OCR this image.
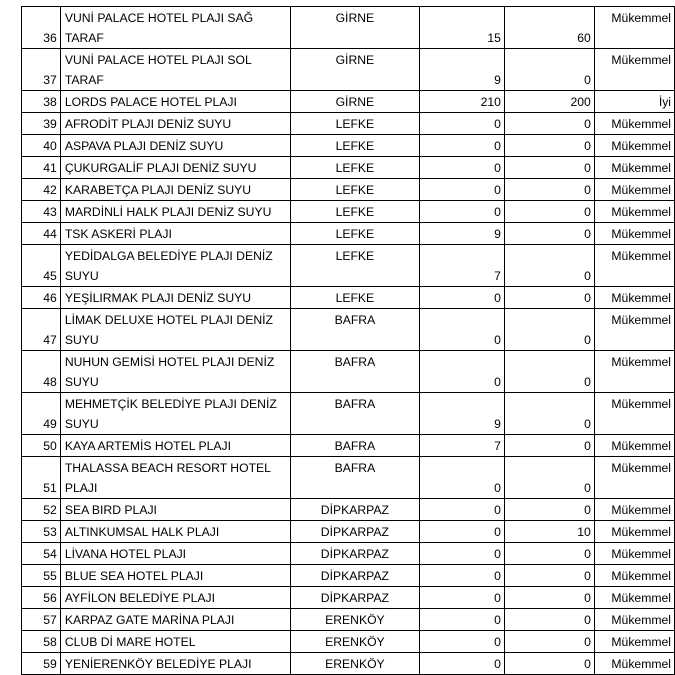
36	VUNİ PALACE HOTEL PLAJI SAĞ TARAF	GİRNE	15	60	Mükemmel
37	VUNİ PALACE HOTEL PLAJI SOL TARAF	GİRNE	9	0	Mükemmel
38	LORDS PALACE HOTEL PLAJI	GİRNE	210	200	İyi
39	AFRODİT PLAJI DENİZ SUYU	LEFKE	0	0	Mükemmel
40	ASPAVA PLAJI DENİZ SUYU	LEFKE	0	0	Mükemmel
41	ÇUKURGALİF PLAJI DENİZ SUYU	LEFKE	0	0	Mükemmel
42	KARABETÇA PLAJI DENİZ SUYU	LEFKE	0	0	Mükemmel
43	MARDİNLİ HALK PLAJI DENİZ SUYU	LEFKE	0	0	Mükemmel
44	TSK ASKERİ PLAJI	LEFKE	9	0	Mükemmel
45	YEDİDALGA BELEDİYE PLAJI DENİZ SUYU	LEFKE	7	0	Mükemmel
46	YEŞİLIRMAK PLAJI DENİZ SUYU	LEFKE	0	0	Mükemmel
47	LİMAK DELUXE HOTEL PLAJI DENİZ SUYU	BAFRA	0	0	Mükemmel
48	NUHUN GEMİSİ HOTEL PLAJI DENİZ SUYU	BAFRA	0	0	Mükemmel
49	MEHMETÇİK BELEDİYE PLAJI DENİZ SUYU	BAFRA	9	0	Mükemmel
50	KAYA ARTEMİS HOTEL PLAJI	BAFRA	7	0	Mükemmel
51	THALASSA BEACH RESORT HOTEL PLAJI	BAFRA	0	0	Mükemmel
52	SEA BIRD PLAJI	DİPKARPAZ	0	0	Mükemmel
53	ALTINKUMSAL HALK PLAJI	DİPKARPAZ	0	10	Mükemmel
54	LİVANA HOTEL PLAJI	DİPKARPAZ	0	0	Mükemmel
55	BLUE SEA HOTEL PLAJI	DİPKARPAZ	0	0	Mükemmel
56	AYFİLON BELEDİYE PLAJI	DİPKARPAZ	0	0	Mükemmel
57	KARPAZ GATE MARİNA PLAJI	ERENKÖY	0	0	Mükemmel
58	CLUB Dİ MARE HOTEL	ERENKÖY	0	0	Mükemmel
59	YENİERENKÖY BELEDİYE PLAJI	ERENKÖY	0	0	Mükemmel
